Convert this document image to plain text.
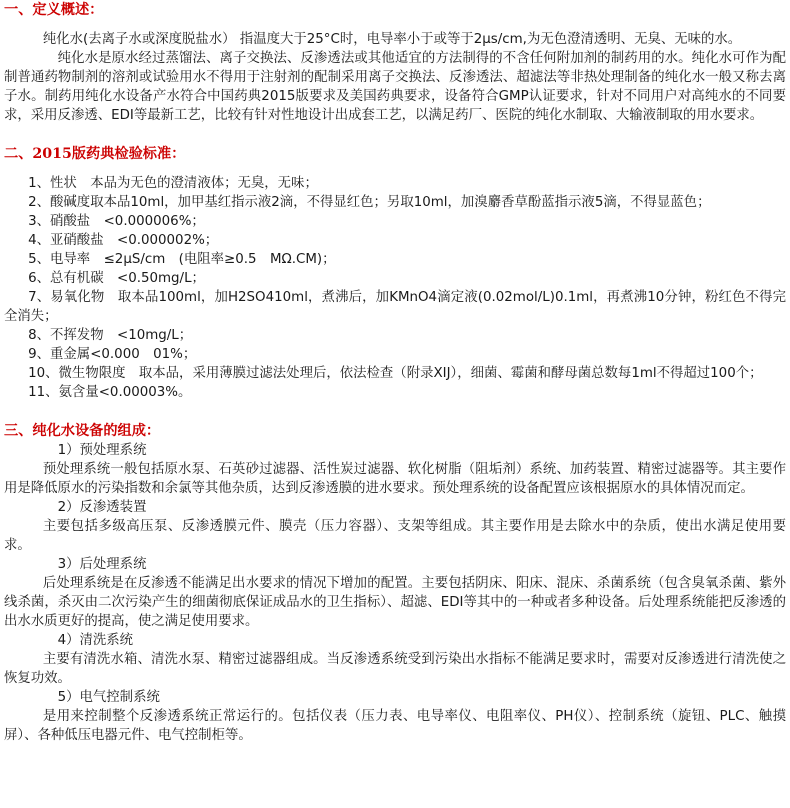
一、定义概述：

纯化水(去离子水或深度脱盐水） 指温度大于25°C时，电导率小于或等于2μs/cm,为无色澄清透明、无臭、无味的水。

纯化水是原水经过蒸馏法、离子交换法、反渗透法或其他适宜的方法制得的不含任何附加剂的制药用的水。纯化水可作为配制普通药物制剂的溶剂或试验用水不得用于注射剂的配制采用离子交换法、反渗透法、超滤法等非热处理制备的纯化水一般又称去离子水。制药用纯化水设备产水符合中国药典2015版要求及美国药典要求，设备符合GMP认证要求，针对不同用户对高纯水的不同要求，采用反渗透、EDI等最新工艺，比较有针对性地设计出成套工艺，以满足药厂、医院的纯化水制取、大输液制取的用水要求。

二、2015版药典检验标准：

1、性状　本品为无色的澄清液体；无臭，无味；

2、酸碱度取本品10ml，加甲基红指示液2滴，不得显红色；另取10ml，加溴麝香草酚蓝指示液5滴，不得显蓝色；

3、硝酸盐　<0.000006%；

4、亚硝酸盐　<0.000002%；

5、电导率　≤2μS/cm　(电阻率≥0.5　MΩ.CM)；

6、总有机碳　<0.50mg/L；

7、易氧化物　取本品100ml，加H2SO410ml，煮沸后，加KMnO4滴定液(0.02mol/L)0.1ml，再煮沸10分钟，粉红色不得完全消失；

8、不挥发物　<10mg/L；

9、重金属<0.000　01%；

10、微生物限度　取本品，采用薄膜过滤法处理后，依法检查（附录XIJ），细菌、霉菌和酵母菌总数每1ml不得超过100个；

11、氨含量<0.00003%。

三、纯化水设备的组成：

1）预处理系统

预处理系统一般包括原水泵、石英砂过滤器、活性炭过滤器、软化树脂（阻垢剂）系统、加药装置、精密过滤器等。其主要作用是降低原水的污染指数和余氯等其他杂质，达到反渗透膜的进水要求。预处理系统的设备配置应该根据原水的具体情况而定。

2）反渗透装置

主要包括多级高压泵、反渗透膜元件、膜壳（压力容器）、支架等组成。其主要作用是去除水中的杂质，使出水满足使用要求。

3）后处理系统

后处理系统是在反渗透不能满足出水要求的情况下增加的配置。主要包括阴床、阳床、混床、杀菌系统（包含臭氧杀菌、紫外线杀菌，杀灭由二次污染产生的细菌彻底保证成品水的卫生指标）、超滤、EDI等其中的一种或者多种设备。后处理系统能把反渗透的出水水质更好的提高，使之满足使用要求。

4）清洗系统

主要有清洗水箱、清洗水泵、精密过滤器组成。当反渗透系统受到污染出水指标不能满足要求时，需要对反渗透进行清洗使之恢复功效。

5）电气控制系统

是用来控制整个反渗透系统正常运行的。包括仪表（压力表、电导率仪、电阻率仪、PH仪）、控制系统（旋钮、PLC、触摸屏）、各种低压电器元件、电气控制柜等。
